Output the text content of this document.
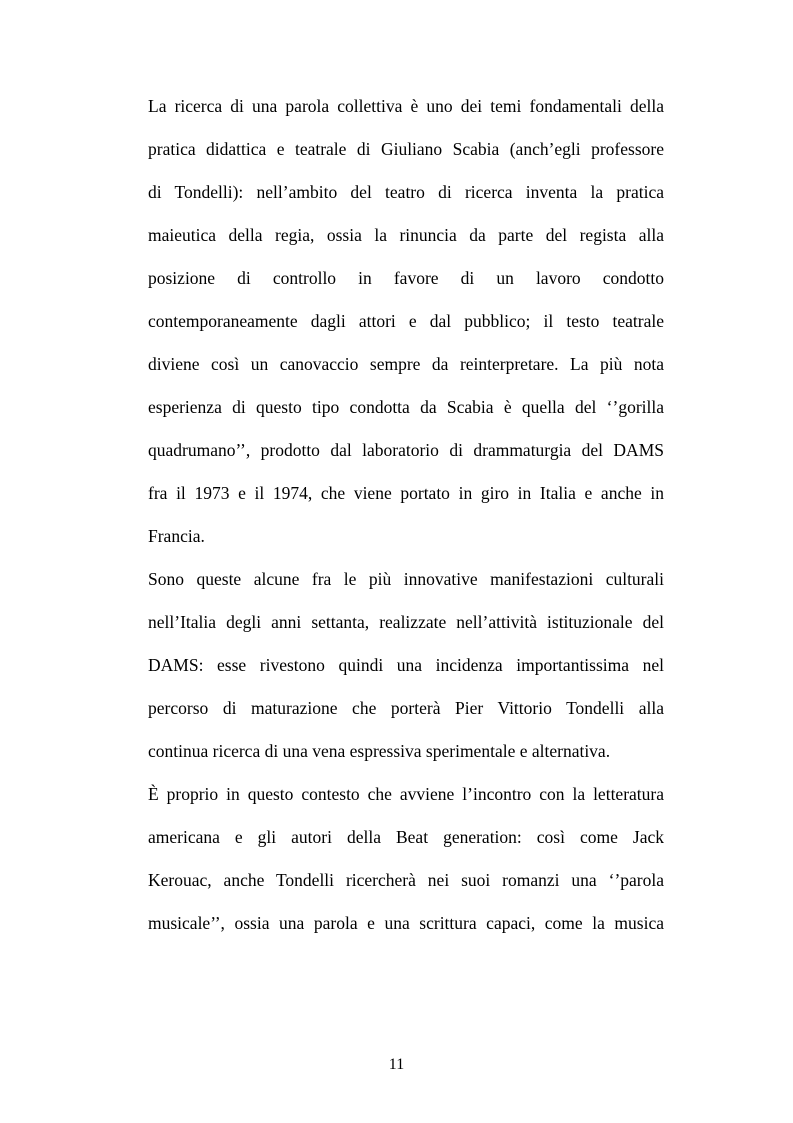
La ricerca di una parola collettiva è uno dei temi fondamentali della
pratica didattica e teatrale di Giuliano Scabia (anch’egli professore
di Tondelli): nell’ambito del teatro di ricerca inventa la pratica
maieutica della regia, ossia la rinuncia da parte del regista alla
posizione di controllo in favore di un lavoro condotto
contemporaneamente dagli attori e dal pubblico; il testo teatrale
diviene così un canovaccio sempre da reinterpretare. La più nota
esperienza di questo tipo condotta da Scabia è quella del ‘’gorilla
quadrumano’’, prodotto dal laboratorio di drammaturgia del DAMS
fra il 1973 e il 1974, che viene portato in giro in Italia e anche in
Francia.
Sono queste alcune fra le più innovative manifestazioni culturali
nell’Italia degli anni settanta, realizzate nell’attività istituzionale del
DAMS: esse rivestono quindi una incidenza importantissima nel
percorso di maturazione che porterà Pier Vittorio Tondelli alla
continua ricerca di una vena espressiva sperimentale e alternativa.
È proprio in questo contesto che avviene l’incontro con la letteratura
americana e gli autori della Beat generation: così come Jack
Kerouac, anche Tondelli ricercherà nei suoi romanzi una ‘’parola
musicale’’, ossia una parola e una scrittura capaci, come la musica
11
